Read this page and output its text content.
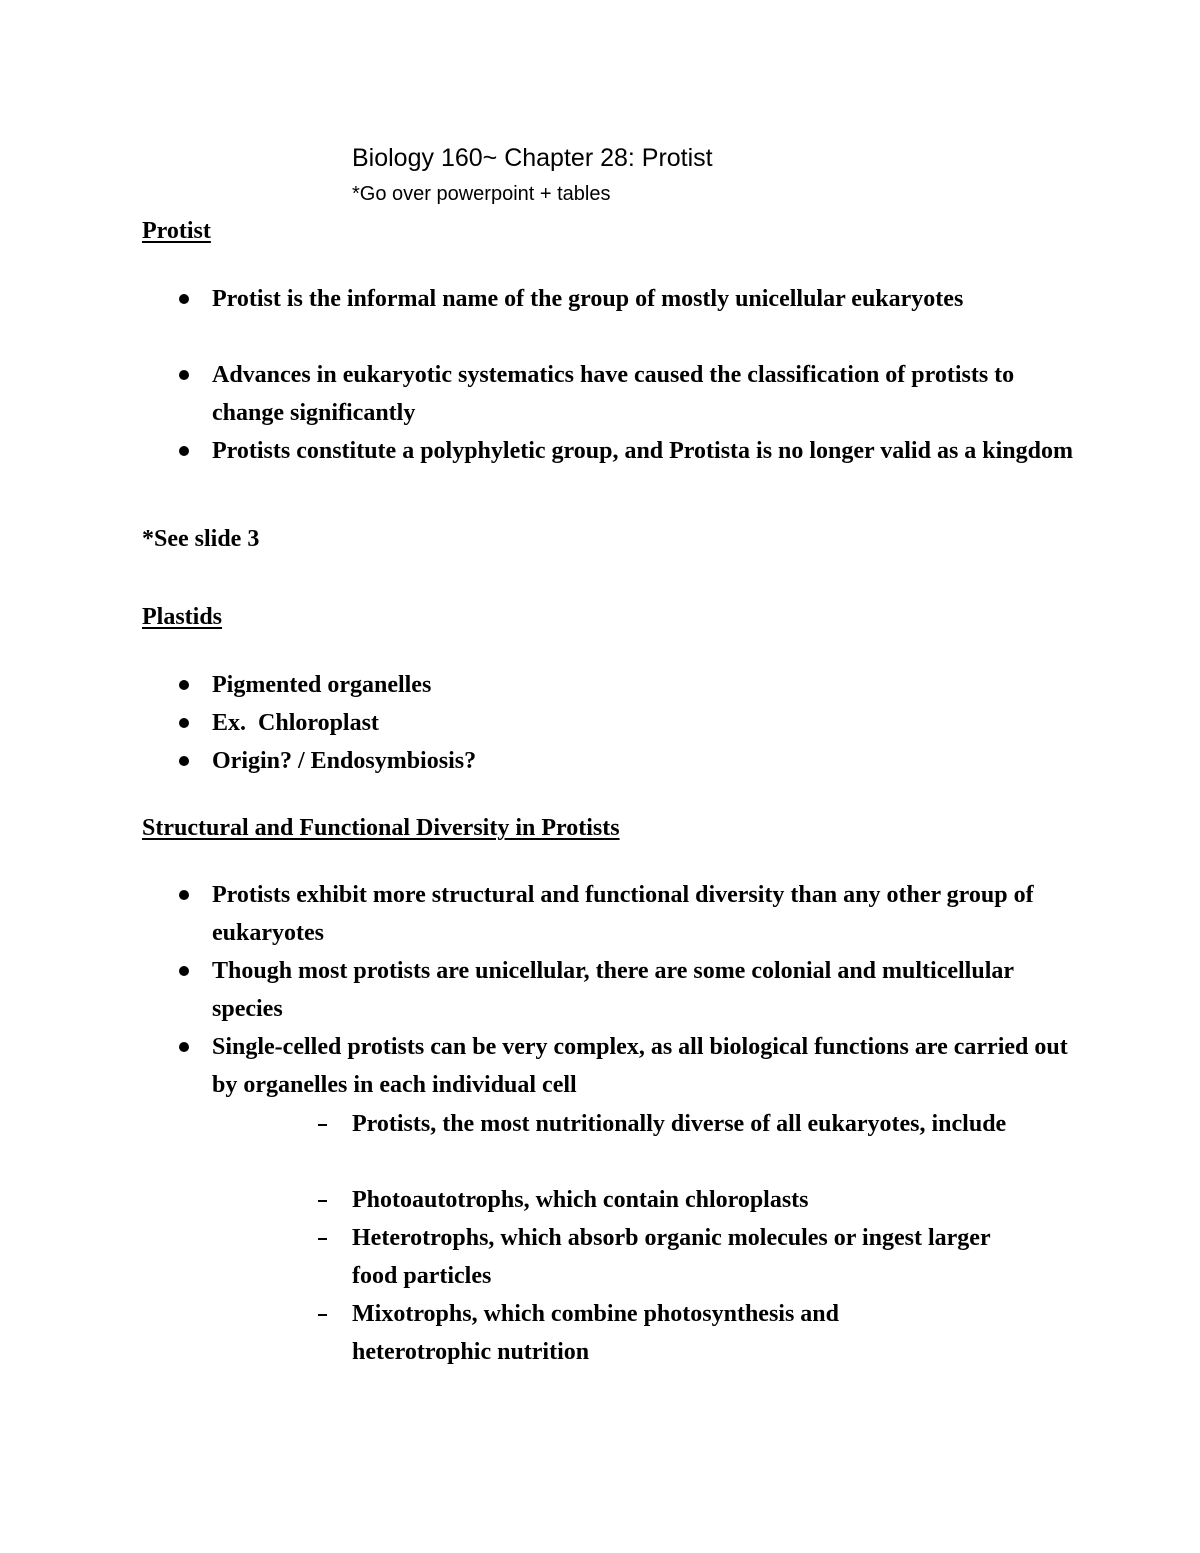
Biology 160~ Chapter 28: Protist
*Go over powerpoint + tables
Protist
Protist is the informal name of the group of mostly unicellular eukaryotes
Advances in eukaryotic systematics have caused the classification of protists to change significantly
Protists constitute a polyphyletic group, and Protista is no longer valid as a kingdom
*See slide 3
Plastids
Pigmented organelles
Ex.  Chloroplast
Origin? / Endosymbiosis?
Structural and Functional Diversity in Protists
Protists exhibit more structural and functional diversity than any other group of eukaryotes
Though most protists are unicellular, there are some colonial and multicellular species
Single-celled protists can be very complex, as all biological functions are carried out by organelles in each individual cell
Protists, the most nutritionally diverse of all eukaryotes, include
Photoautotrophs, which contain chloroplasts
Heterotrophs, which absorb organic molecules or ingest larger food particles
Mixotrophs, which combine photosynthesis and heterotrophic nutrition
